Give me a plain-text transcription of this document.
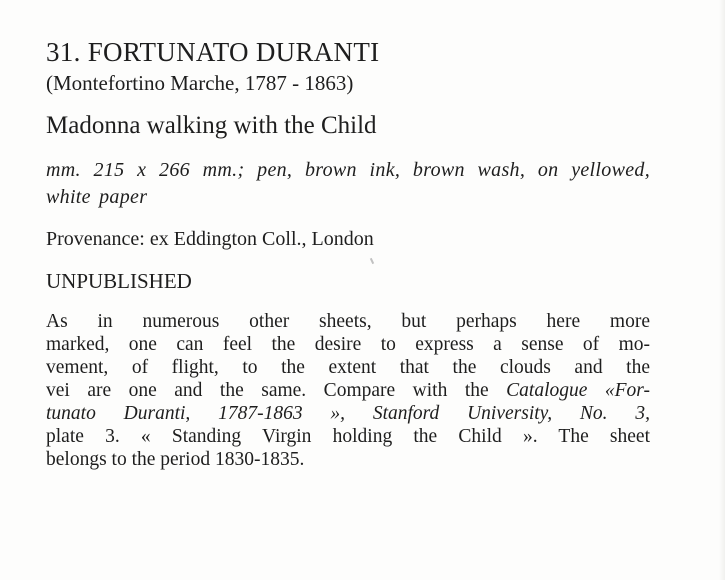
31. FORTUNATO DURANTI
(Montefortino Marche, 1787 - 1863)
Madonna walking with the Child
mm. 215 x 266 mm.; pen, brown ink, brown wash, on yellowed, white paper
Provenance: ex Eddington Coll., London
UNPUBLISHED
As in numerous other sheets, but perhaps here more
marked, one can feel the desire to express a sense of mo-
vement, of flight, to the extent that the clouds and the
vei are one and the same. Compare with the Catalogue «For-
tunato Duranti, 1787-1863 », Stanford University, No. 3,
plate 3. « Standing Virgin holding the Child ». The sheet
belongs to the period 1830-1835.
